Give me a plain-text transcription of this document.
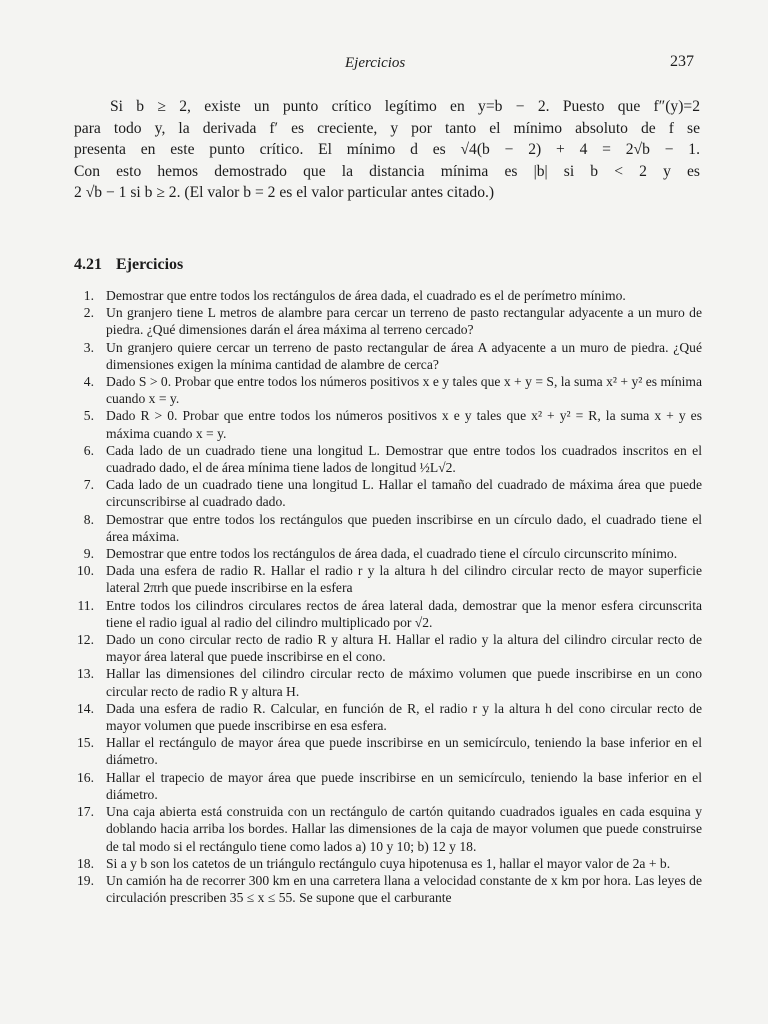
Ejercicios	237
Si b ≥ 2, existe un punto crítico legítimo en y=b − 2. Puesto que f″(y)=2
para todo y, la derivada f′ es creciente, y por tanto el mínimo absoluto de f se
presenta en este punto crítico. El mínimo d es √4(b − 2) + 4 = 2√b − 1.
Con esto hemos demostrado que la distancia mínima es |b| si b < 2 y es
2 √b − 1 si b ≥ 2. (El valor b = 2 es el valor particular antes citado.)
4.21 Ejercicios
1. Demostrar que entre todos los rectángulos de área dada, el cuadrado es el de perímetro mínimo.
2. Un granjero tiene L metros de alambre para cercar un terreno de pasto rectangular adyacente a un muro de piedra. ¿Qué dimensiones darán el área máxima al terreno cercado?
3. Un granjero quiere cercar un terreno de pasto rectangular de área A adyacente a un muro de piedra. ¿Qué dimensiones exigen la mínima cantidad de alambre de cerca?
4. Dado S > 0. Probar que entre todos los números positivos x e y tales que x + y = S, la suma x² + y² es mínima cuando x = y.
5. Dado R > 0. Probar que entre todos los números positivos x e y tales que x² + y² = R, la suma x + y es máxima cuando x = y.
6. Cada lado de un cuadrado tiene una longitud L. Demostrar que entre todos los cuadrados inscritos en el cuadrado dado, el de área mínima tiene lados de longitud ½L√2.
7. Cada lado de un cuadrado tiene una longitud L. Hallar el tamaño del cuadrado de máxima área que puede circunscribirse al cuadrado dado.
8. Demostrar que entre todos los rectángulos que pueden inscribirse en un círculo dado, el cuadrado tiene el área máxima.
9. Demostrar que entre todos los rectángulos de área dada, el cuadrado tiene el círculo circunscrito mínimo.
10. Dada una esfera de radio R. Hallar el radio r y la altura h del cilindro circular recto de mayor superficie lateral 2πrh que puede inscribirse en la esfera
11. Entre todos los cilindros circulares rectos de área lateral dada, demostrar que la menor esfera circunscrita tiene el radio igual al radio del cilindro multiplicado por √2.
12. Dado un cono circular recto de radio R y altura H. Hallar el radio y la altura del cilindro circular recto de mayor área lateral que puede inscribirse en el cono.
13. Hallar las dimensiones del cilindro circular recto de máximo volumen que puede inscribirse en un cono circular recto de radio R y altura H.
14. Dada una esfera de radio R. Calcular, en función de R, el radio r y la altura h del cono circular recto de mayor volumen que puede inscribirse en esa esfera.
15. Hallar el rectángulo de mayor área que puede inscribirse en un semicírculo, teniendo la base inferior en el diámetro.
16. Hallar el trapecio de mayor área que puede inscribirse en un semicírculo, teniendo la base inferior en el diámetro.
17. Una caja abierta está construida con un rectángulo de cartón quitando cuadrados iguales en cada esquina y doblando hacia arriba los bordes. Hallar las dimensiones de la caja de mayor volumen que puede construirse de tal modo si el rectángulo tiene como lados a) 10 y 10; b) 12 y 18.
18. Si a y b son los catetos de un triángulo rectángulo cuya hipotenusa es 1, hallar el mayor valor de 2a + b.
19. Un camión ha de recorrer 300 km en una carretera llana a velocidad constante de x km por hora. Las leyes de circulación prescriben 35 ≤ x ≤ 55. Se supone que el carburante
